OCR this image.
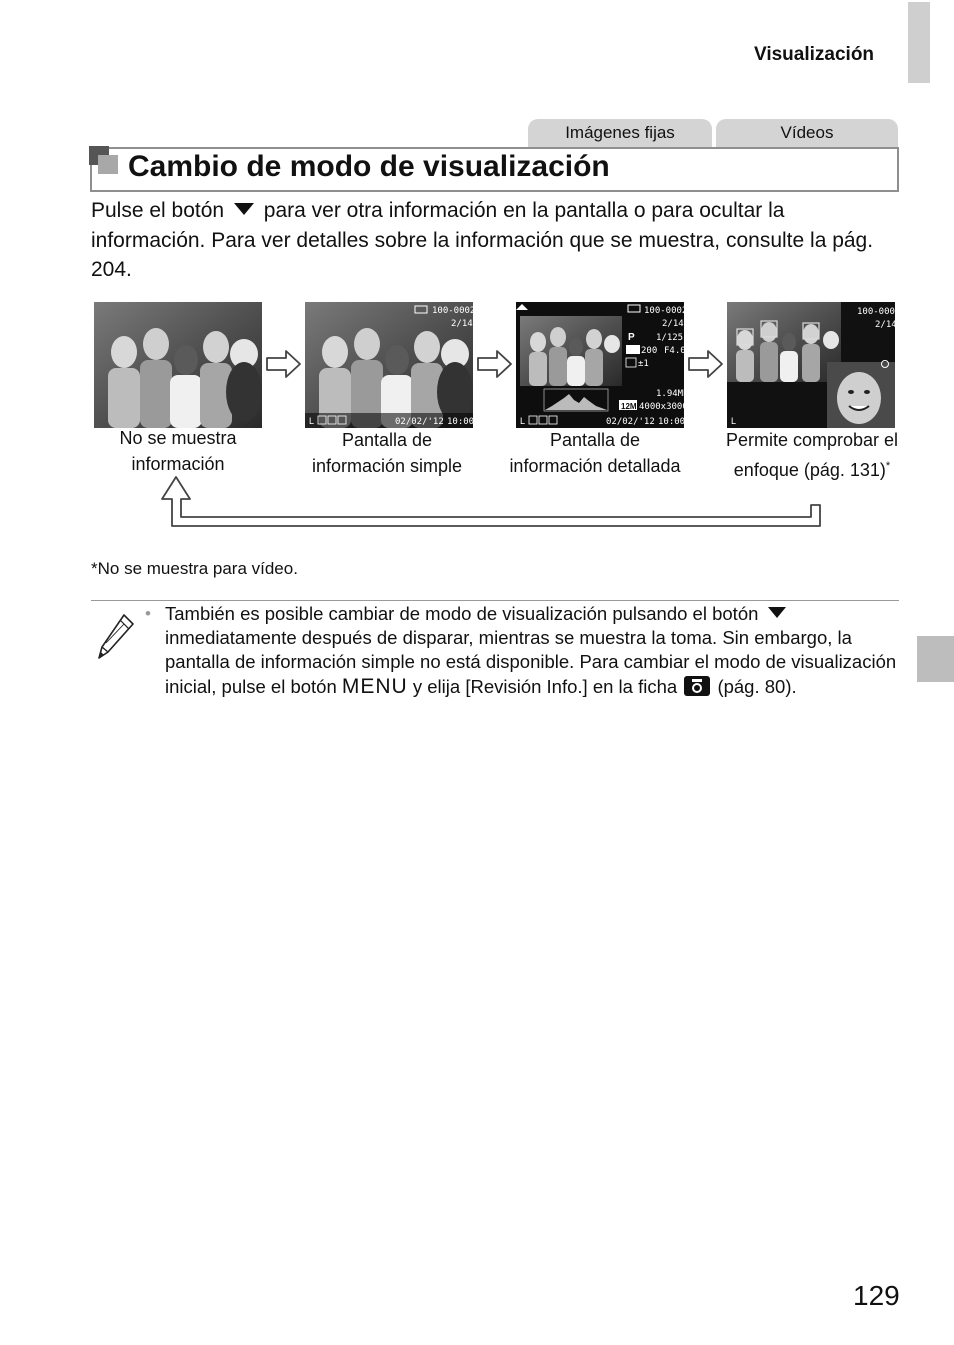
Visualización
Imágenes fijas	Vídeos
Cambio de modo de visualización
Pulse el botón para ver otra información en la pantalla o para ocultar la información. Para ver detalles sobre la información que se muestra, consulte la pág. 204.
100-0002
2/14
L	02/02/'12 10:00
100-0002
2/14
P 1/125
200 F4.0
±1
1.94MB
12M 4000x3000
L	02/02/'12 10:00
100-0002
2/14
L
No se muestra información
Pantalla de información simple
Pantalla de información detallada
Permite comprobar el enfoque (pág. 131)*
*No se muestra para vídeo.
• También es posible cambiar de modo de visualización pulsando el botón  inmediatamente después de disparar, mientras se muestra la toma. Sin embargo, la pantalla de información simple no está disponible. Para cambiar el modo de visualización inicial, pulse el botón MENU y elija [Revisión Info.] en la ficha (pág. 80).
129
